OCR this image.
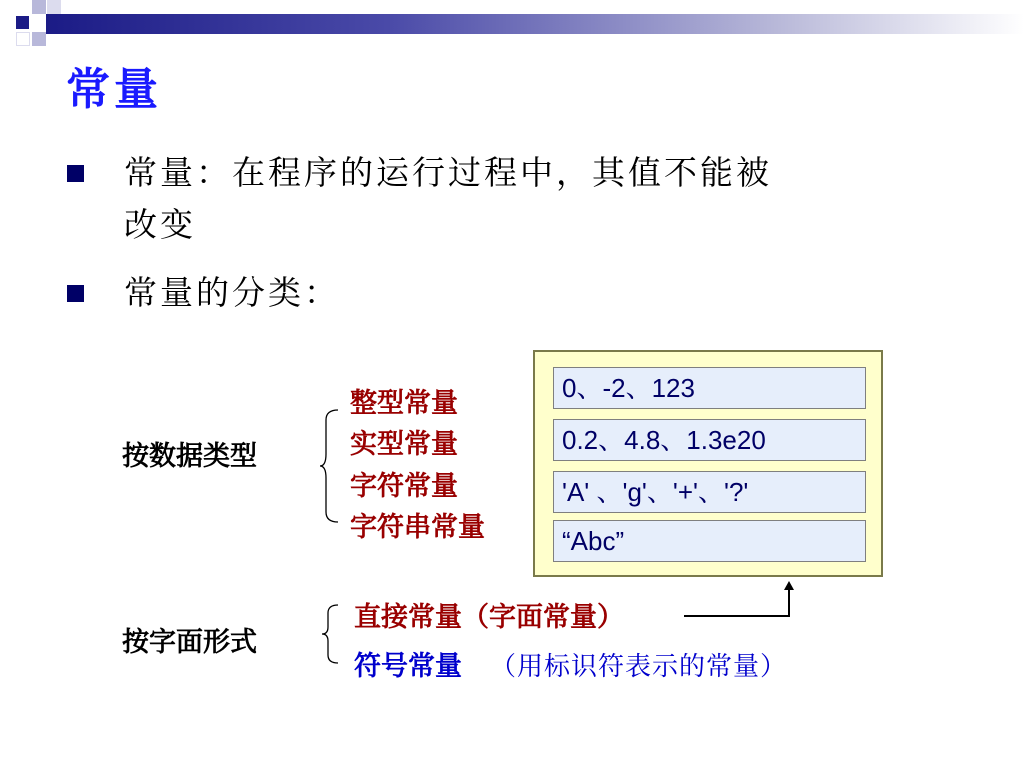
常量
常量：在程序的运行过程中，其值不能被
改变
常量的分类：
按数据类型
整型常量
实型常量
字符常量
字符串常量
0、-2、123
0.2、4.8、1.3e20
'A' 、'g'、'+'、'?'
“Abc”
按字面形式
直接常量（字面常量）
符号常量 （用标识符表示的常量）
